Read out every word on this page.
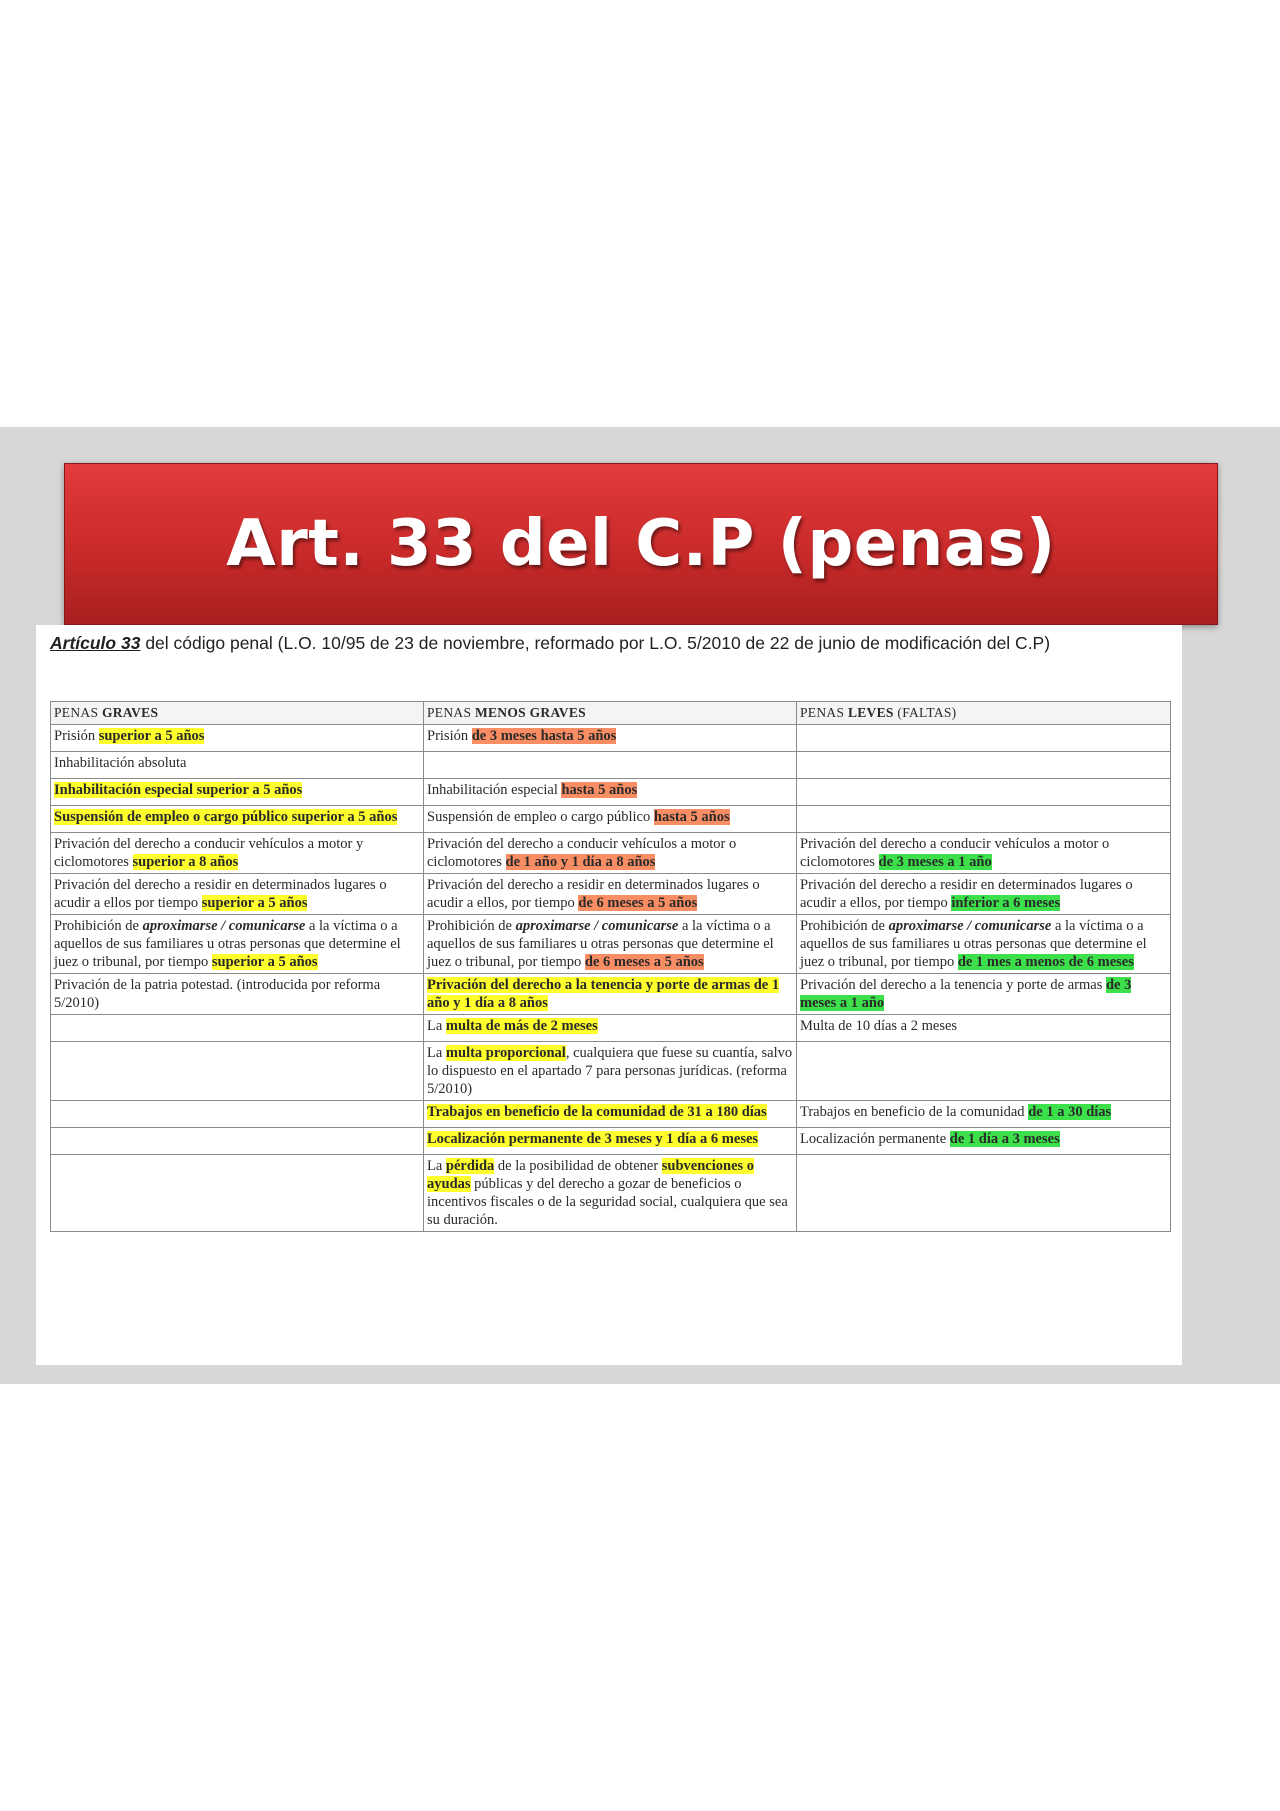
Art. 33 del C.P (penas)
Artículo 33 del código penal (L.O. 10/95 de 23 de noviembre, reformado por L.O. 5/2010 de 22 de junio de modificación del C.P)
PENAS GRAVES	PENAS MENOS GRAVES	PENAS LEVES (FALTAS)
Prisión superior a 5 años	Prisión de 3 meses hasta 5 años	
Inhabilitación absoluta		
Inhabilitación especial superior a 5 años	Inhabilitación especial hasta 5 años	
Suspensión de empleo o cargo público superior a 5 años	Suspensión de empleo o cargo público hasta 5 años	
Privación del derecho a conducir vehículos a motor y ciclomotores superior a 8 años	Privación del derecho a conducir vehículos a motor o ciclomotores de 1 año y 1 día a 8 años	Privación del derecho a conducir vehículos a motor o ciclomotores de 3 meses a 1 año
Privación del derecho a residir en determinados lugares o acudir a ellos por tiempo superior a 5 años	Privación del derecho a residir en determinados lugares o acudir a ellos, por tiempo de 6 meses a 5 años	Privación del derecho a residir en determinados lugares o acudir a ellos, por tiempo inferior a 6 meses
Prohibición de aproximarse / comunicarse a la víctima o a aquellos de sus familiares u otras personas que determine el juez o tribunal, por tiempo superior a 5 años	Prohibición de aproximarse / comunicarse a la víctima o a aquellos de sus familiares u otras personas que determine el juez o tribunal, por tiempo de 6 meses a 5 años	Prohibición de aproximarse / comunicarse a la víctima o a aquellos de sus familiares u otras personas que determine el juez o tribunal, por tiempo de 1 mes a menos de 6 meses
Privación de la patria potestad. (introducida por reforma 5/2010)	Privación del derecho a la tenencia y porte de armas de 1 año y 1 día a 8 años	Privación del derecho a la tenencia y porte de armas de 3 meses a 1 año
	La multa de más de 2 meses	Multa de 10 días a 2 meses
	La multa proporcional, cualquiera que fuese su cuantía, salvo lo dispuesto en el apartado 7 para personas jurídicas. (reforma 5/2010)	
	Trabajos en beneficio de la comunidad de 31 a 180 días	Trabajos en beneficio de la comunidad de 1 a 30 días
	Localización permanente de 3 meses y 1 día a 6 meses	Localización permanente de 1 día a 3 meses
	La pérdida de la posibilidad de obtener subvenciones o ayudas públicas y del derecho a gozar de beneficios o incentivos fiscales o de la seguridad social, cualquiera que sea su duración.	
